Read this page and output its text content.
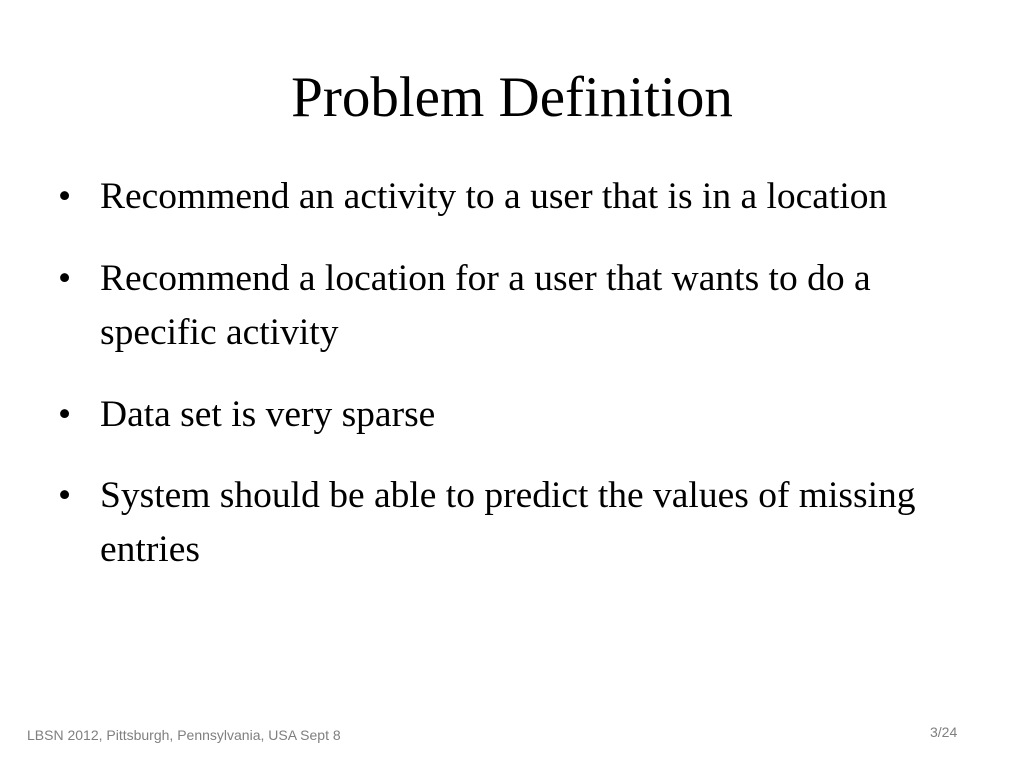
Problem Definition
• Recommend an activity to a user that is in a location
• Recommend a location for a user that wants to do a specific activity
• Data set is very sparse
• System should be able to predict the values of missing entries
LBSN 2012, Pittsburgh, Pennsylvania, USA Sept 8	3/24
